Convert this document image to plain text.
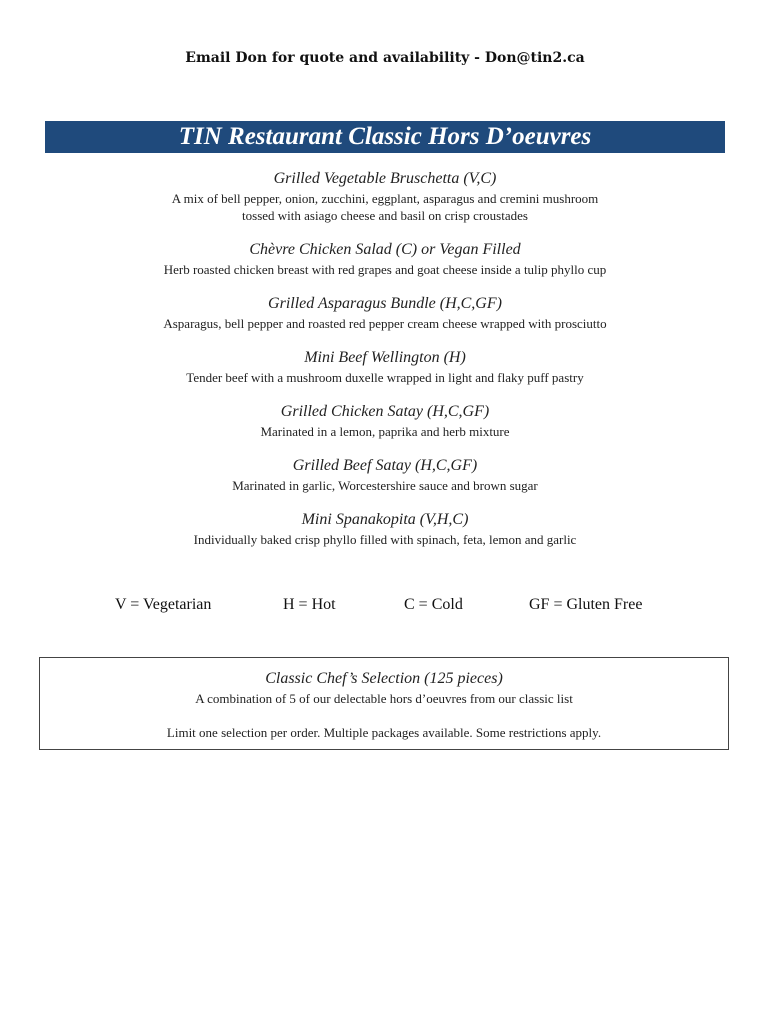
Email Don for quote and availability - Don@tin2.ca
TIN Restaurant Classic Hors D’oeuvres
Grilled Vegetable Bruschetta (V,C)
A mix of bell pepper, onion, zucchini, eggplant, asparagus and cremini mushroom
tossed with asiago cheese and basil on crisp croustades
Chèvre Chicken Salad (C) or Vegan Filled
Herb roasted chicken breast with red grapes and goat cheese inside a tulip phyllo cup
Grilled Asparagus Bundle (H,C,GF)
Asparagus, bell pepper and roasted red pepper cream cheese wrapped with prosciutto
Mini Beef Wellington (H)
Tender beef with a mushroom duxelle wrapped in light and flaky puff pastry
Grilled Chicken Satay (H,C,GF)
Marinated in a lemon, paprika and herb mixture
Grilled Beef Satay (H,C,GF)
Marinated in garlic, Worcestershire sauce and brown sugar
Mini Spanakopita (V,H,C)
Individually baked crisp phyllo filled with spinach, feta, lemon and garlic
V = Vegetarian	H = Hot	C = Cold	GF = Gluten Free
Classic Chef’s Selection (125 pieces)
A combination of 5 of our delectable hors d’oeuvres from our classic list
Limit one selection per order. Multiple packages available. Some restrictions apply.
